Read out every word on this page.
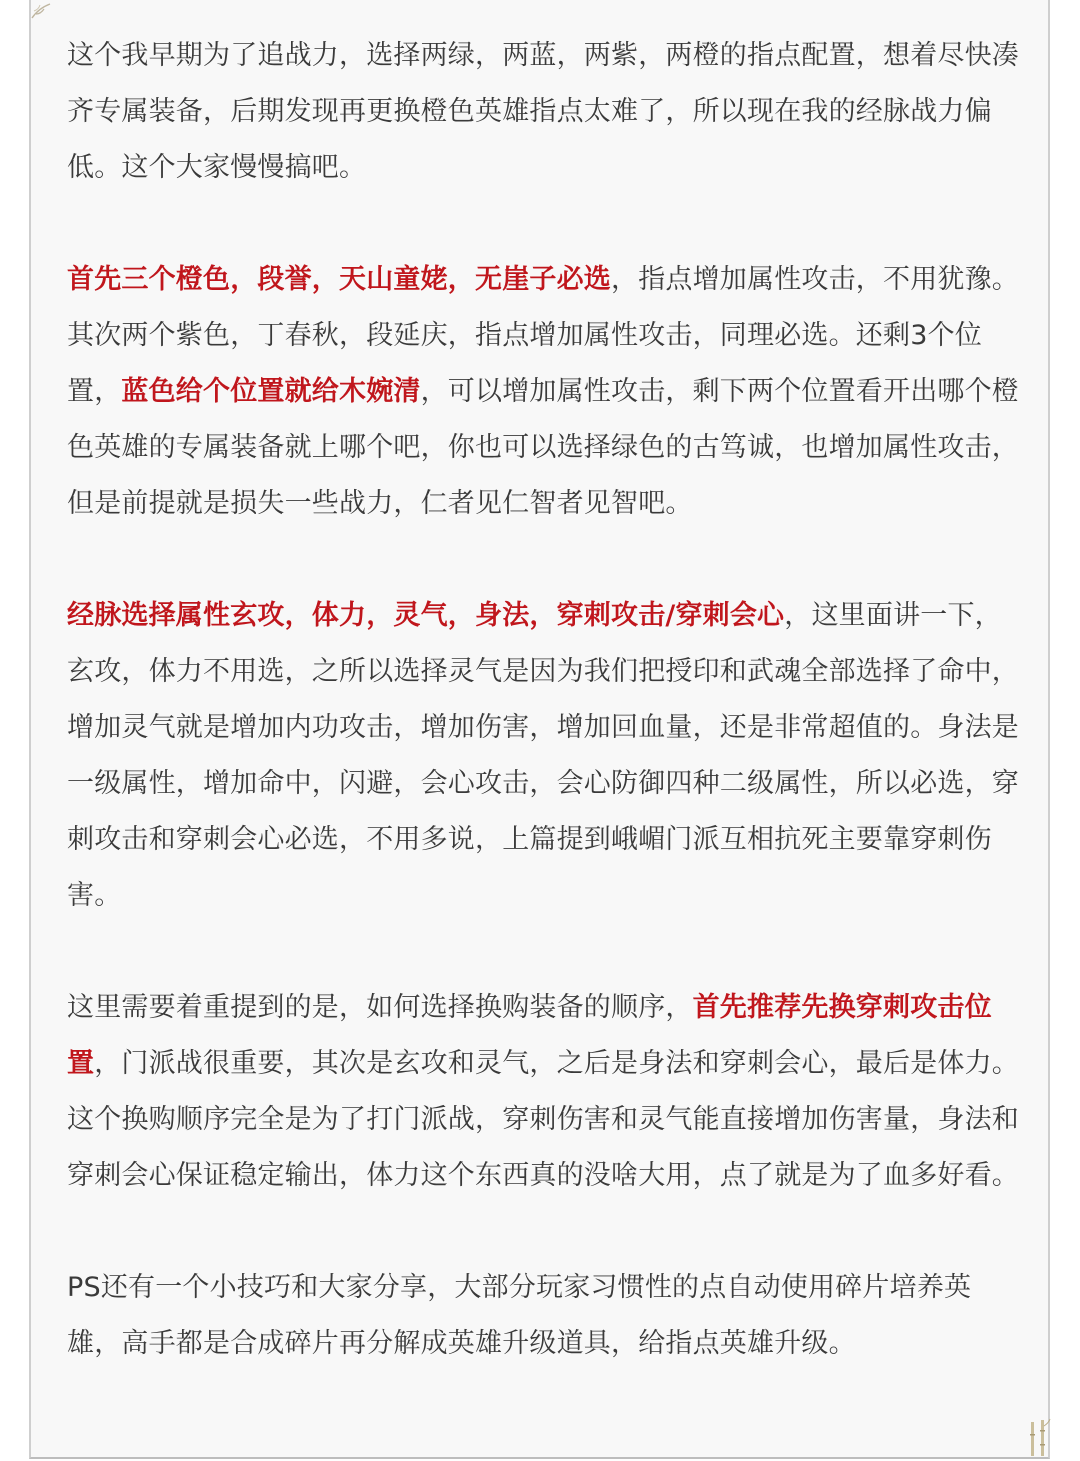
这个我早期为了追战力，选择两绿，两蓝，两紫，两橙的指点配置，想着尽快凑齐专属装备，后期发现再更换橙色英雄指点太难了，所以现在我的经脉战力偏低。这个大家慢慢搞吧。

首先三个橙色，段誉，天山童姥，无崖子必选，指点增加属性攻击，不用犹豫。其次两个紫色，丁春秋，段延庆，指点增加属性攻击，同理必选。还剩3个位置，蓝色给个位置就给木婉清，可以增加属性攻击，剩下两个位置看开出哪个橙色英雄的专属装备就上哪个吧，你也可以选择绿色的古笃诚，也增加属性攻击，但是前提就是损失一些战力，仁者见仁智者见智吧。

经脉选择属性玄攻，体力，灵气，身法，穿刺攻击/穿刺会心，这里面讲一下，玄攻，体力不用选，之所以选择灵气是因为我们把授印和武魂全部选择了命中，增加灵气就是增加内功攻击，增加伤害，增加回血量，还是非常超值的。身法是一级属性，增加命中，闪避，会心攻击，会心防御四种二级属性，所以必选，穿刺攻击和穿刺会心必选，不用多说，上篇提到峨嵋门派互相抗死主要靠穿刺伤害。

这里需要着重提到的是，如何选择换购装备的顺序，首先推荐先换穿刺攻击位置，门派战很重要，其次是玄攻和灵气，之后是身法和穿刺会心，最后是体力。这个换购顺序完全是为了打门派战，穿刺伤害和灵气能直接增加伤害量，身法和穿刺会心保证稳定输出，体力这个东西真的没啥大用，点了就是为了血多好看。

PS还有一个小技巧和大家分享，大部分玩家习惯性的点自动使用碎片培养英雄，高手都是合成碎片再分解成英雄升级道具，给指点英雄升级。
